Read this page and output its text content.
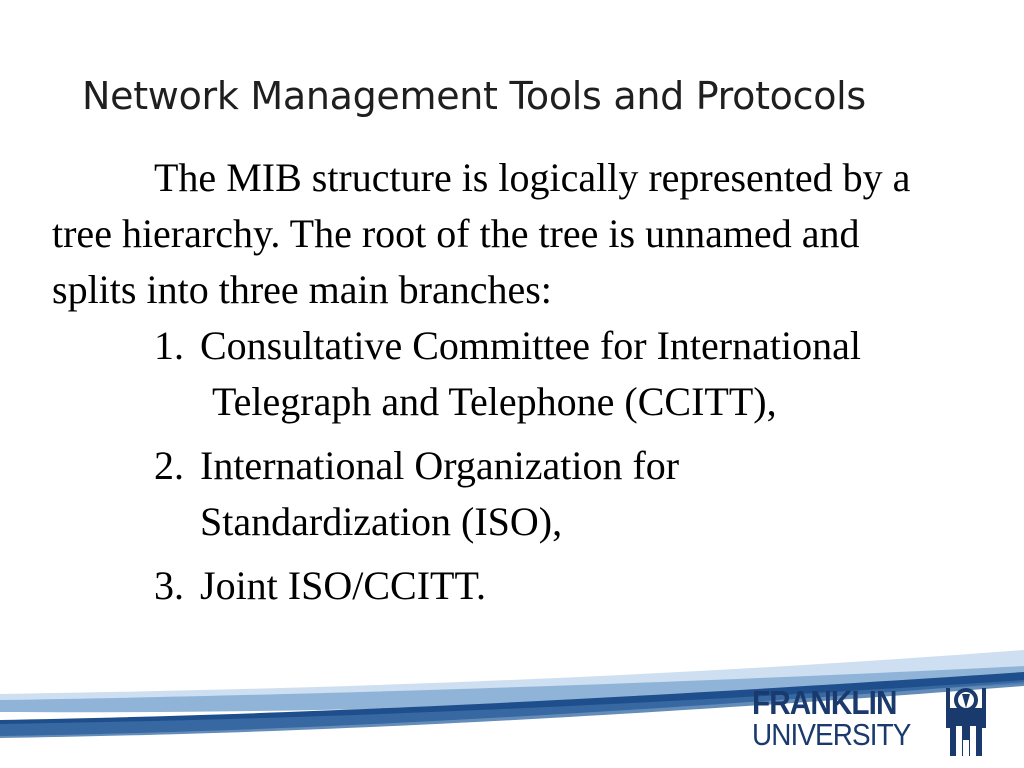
Network Management Tools and Protocols

The MIB structure is logically represented by a tree hierarchy. The root of the tree is unnamed and splits into three main branches:

1. Consultative Committee for International
Telegraph and Telephone (CCITT),
2. International Organization for
Standardization (ISO),
3. Joint ISO/CCITT.
FRANKLIN
UNIVERSITY
